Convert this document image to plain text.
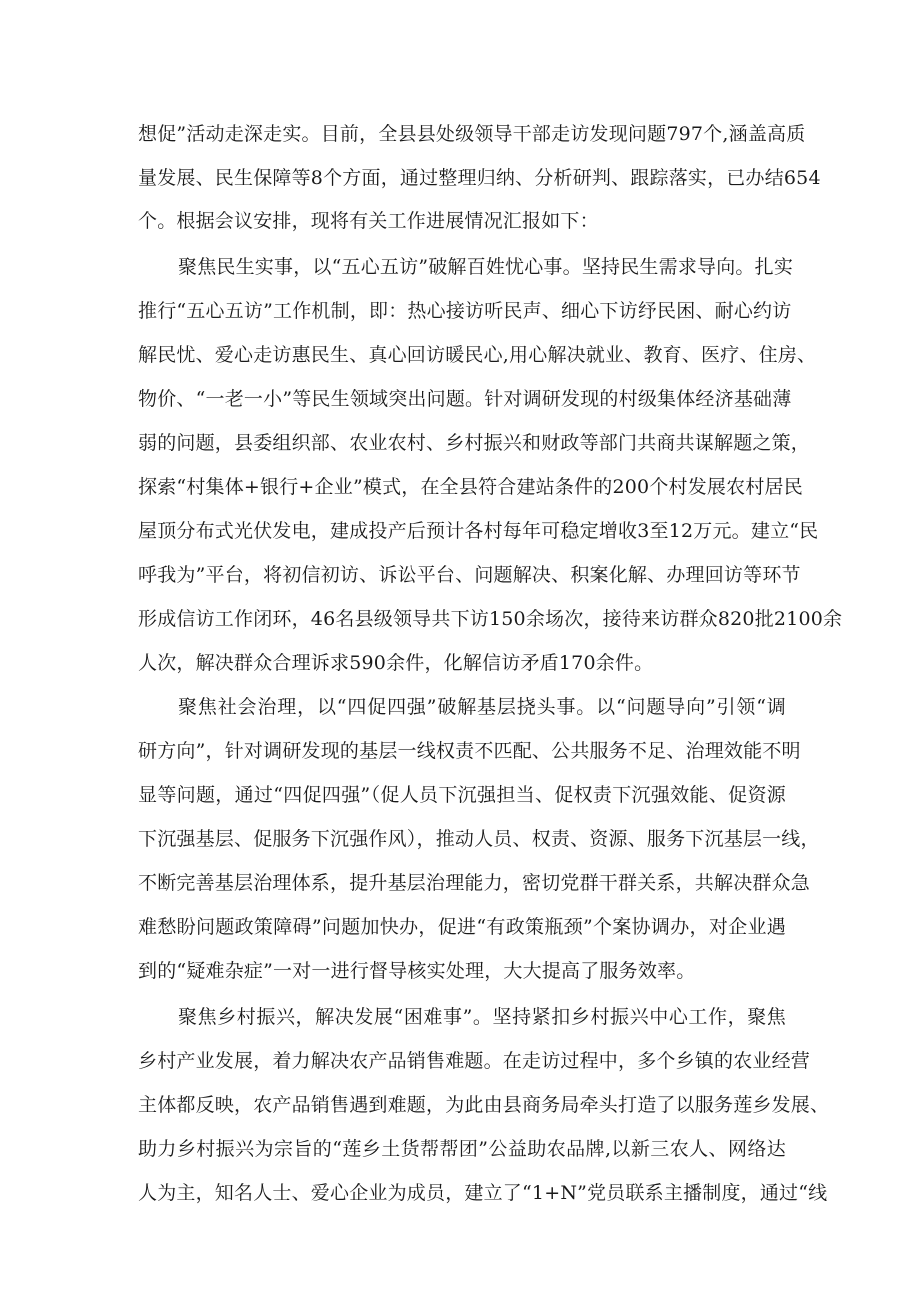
想促”活动走深走实。目前，全县县处级领导干部走访发现问题797个,涵盖高质
量发展、民生保障等8个方面，通过整理归纳、分析研判、跟踪落实，已办结654
个。根据会议安排，现将有关工作进展情况汇报如下：
聚焦民生实事，以“五心五访”破解百姓忧心事。坚持民生需求导向。扎实
推行“五心五访”工作机制，即：热心接访听民声、细心下访纾民困、耐心约访
解民忧、爱心走访惠民生、真心回访暖民心,用心解决就业、教育、医疗、住房、
物价、“一老一小”等民生领域突出问题。针对调研发现的村级集体经济基础薄
弱的问题，县委组织部、农业农村、乡村振兴和财政等部门共商共谋解题之策，
探索“村集体+银行+企业”模式，在全县符合建站条件的200个村发展农村居民
屋顶分布式光伏发电，建成投产后预计各村每年可稳定增收3至12万元。建立“民
呼我为”平台，将初信初访、诉讼平台、问题解决、积案化解、办理回访等环节
形成信访工作闭环，46名县级领导共下访150余场次，接待来访群众820批2100余
人次，解决群众合理诉求590余件，化解信访矛盾170余件。
聚焦社会治理，以“四促四强”破解基层挠头事。以“问题导向”引领“调
研方向”，针对调研发现的基层一线权责不匹配、公共服务不足、治理效能不明
显等问题，通过“四促四强”（促人员下沉强担当、促权责下沉强效能、促资源
下沉强基层、促服务下沉强作风），推动人员、权责、资源、服务下沉基层一线，
不断完善基层治理体系，提升基层治理能力，密切党群干群关系，共解决群众急
难愁盼问题政策障碍”问题加快办，促进“有政策瓶颈”个案协调办，对企业遇
到的“疑难杂症”一对一进行督导核实处理，大大提高了服务效率。
聚焦乡村振兴，解决发展“困难事”。坚持紧扣乡村振兴中心工作，聚焦
乡村产业发展，着力解决农产品销售难题。在走访过程中，多个乡镇的农业经营
主体都反映，农产品销售遇到难题，为此由县商务局牵头打造了以服务莲乡发展、
助力乡村振兴为宗旨的“莲乡土货帮帮团”公益助农品牌,以新三农人、网络达
人为主，知名人士、爱心企业为成员，建立了“1+N”党员联系主播制度，通过“线
